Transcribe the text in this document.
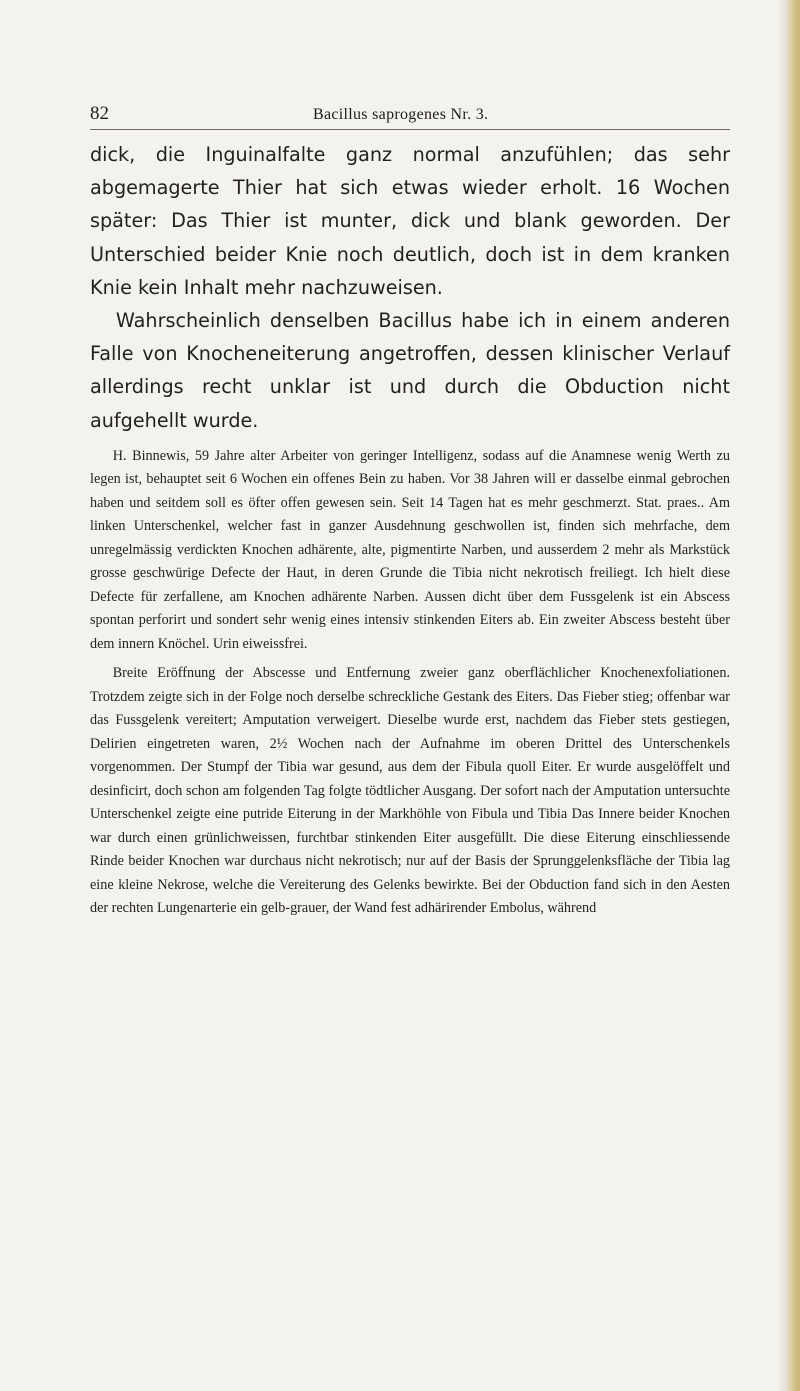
82	Bacillus saprogenes Nr. 3.

dick, die Inguinalfalte ganz normal anzufühlen; das sehr abgemagerte Thier hat sich etwas wieder erholt. 16 Wochen später: Das Thier ist munter, dick und blank geworden. Der Unterschied beider Knie noch deutlich, doch ist in dem kranken Knie kein Inhalt mehr nachzuweisen.

Wahrscheinlich denselben Bacillus habe ich in einem anderen Falle von Knocheneiterung angetroffen, dessen klinischer Verlauf allerdings recht unklar ist und durch die Obduction nicht aufgehellt wurde.

H. Binnewis, 59 Jahre alter Arbeiter von geringer Intelligenz, sodass auf die Anamnese wenig Werth zu legen ist, behauptet seit 6 Wochen ein offenes Bein zu haben. Vor 38 Jahren will er dasselbe einmal gebrochen haben und seitdem soll es öfter offen gewesen sein. Seit 14 Tagen hat es mehr geschmerzt. Stat. praes.. Am linken Unterschenkel, welcher fast in ganzer Ausdehnung geschwollen ist, finden sich mehrfache, dem unregelmässig verdickten Knochen adhärente, alte, pigmentirte Narben, und ausserdem 2 mehr als Markstück grosse geschwürige Defecte der Haut, in deren Grunde die Tibia nicht nekrotisch freiliegt. Ich hielt diese Defecte für zerfallene, am Knochen adhärente Narben. Aussen dicht über dem Fussgelenk ist ein Abscess spontan perforirt und sondert sehr wenig eines intensiv stinkenden Eiters ab. Ein zweiter Abscess besteht über dem innern Knöchel. Urin eiweissfrei.

Breite Eröffnung der Abscesse und Entfernung zweier ganz oberflächlicher Knochenexfoliationen. Trotzdem zeigte sich in der Folge noch derselbe schreckliche Gestank des Eiters. Das Fieber stieg; offenbar war das Fussgelenk vereitert; Amputation verweigert. Dieselbe wurde erst, nachdem das Fieber stets gestiegen, Delirien eingetreten waren, 2½ Wochen nach der Aufnahme im oberen Drittel des Unterschenkels vorgenommen. Der Stumpf der Tibia war gesund, aus dem der Fibula quoll Eiter. Er wurde ausgelöffelt und desinficirt, doch schon am folgenden Tag folgte tödtlicher Ausgang. Der sofort nach der Amputation untersuchte Unterschenkel zeigte eine putride Eiterung in der Markhöhle von Fibula und Tibia Das Innere beider Knochen war durch einen grünlichweissen, furchtbar stinkenden Eiter ausgefüllt. Die diese Eiterung einschliessende Rinde beider Knochen war durchaus nicht nekrotisch; nur auf der Basis der Sprunggelenksfläche der Tibia lag eine kleine Nekrose, welche die Vereiterung des Gelenks bewirkte. Bei der Obduction fand sich in den Aesten der rechten Lungenarterie ein gelb-grauer, der Wand fest adhärirender Embolus, während
